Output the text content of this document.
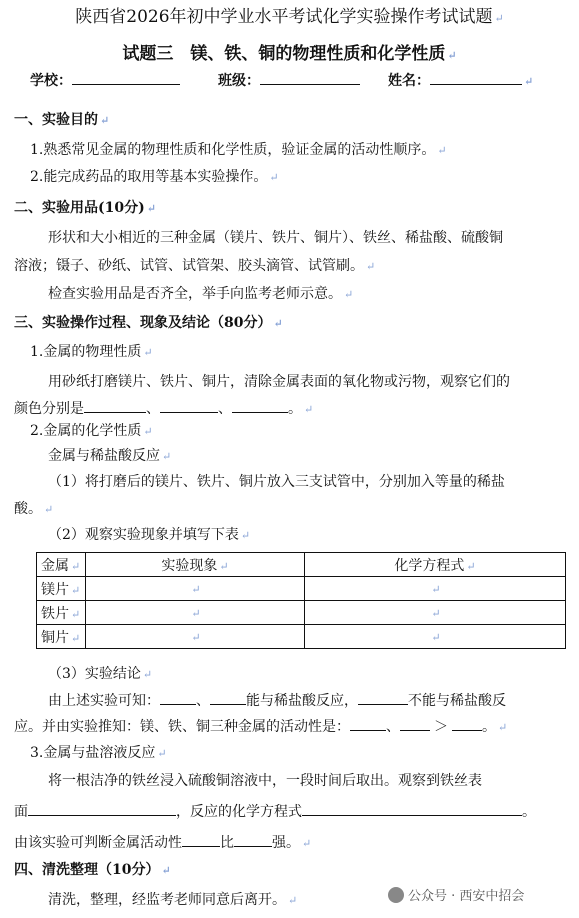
陕西省2026年初中学业水平考试化学实验操作考试试题 ↵
试题三　镁、铁、铜的物理性质和化学性质 ↵
学校：	班级：	姓名：	↵
一、实验目的 ↵
1.熟悉常见金属的物理性质和化学性质，验证金属的活动性顺序。 ↵
2.能完成药品的取用等基本实验操作。 ↵
二、实验用品(10分) ↵
形状和大小相近的三种金属（镁片、铁片、铜片）、铁丝、稀盐酸、硫酸铜
溶液；镊子、砂纸、试管、试管架、胶头滴管、试管刷。 ↵
检查实验用品是否齐全，举手向监考老师示意。 ↵
三、实验操作过程、现象及结论（80分） ↵
1.金属的物理性质 ↵
用砂纸打磨镁片、铁片、铜片，清除金属表面的氧化物或污物，观察它们的
颜色分别是	、	、	。 ↵
2.金属的化学性质 ↵
金属与稀盐酸反应 ↵
（1）将打磨后的镁片、铁片、铜片放入三支试管中，分别加入等量的稀盐
酸。 ↵
（2）观察实验现象并填写下表 ↵
金属 ↵	实验现象 ↵	化学方程式 ↵
镁片 ↵	↵	↵
铁片 ↵	↵	↵
铜片 ↵	↵	↵
（3）实验结论 ↵
由上述实验可知：	、	能与稀盐酸反应，	不能与稀盐酸反
应。并由实验推知：镁、铁、铜三种金属的活动性是：	、 ＞ 。 ↵
3.金属与盐溶液反应 ↵
将一根洁净的铁丝浸入硫酸铜溶液中，一段时间后取出。观察到铁丝表
面	，反应的化学方程式	。
由该实验可判断金属活动性	比	强。 ↵
四、清洗整理（10分） ↵
清洗，整理，经监考老师同意后离开。 ↵	公众号 · 西安中招会
